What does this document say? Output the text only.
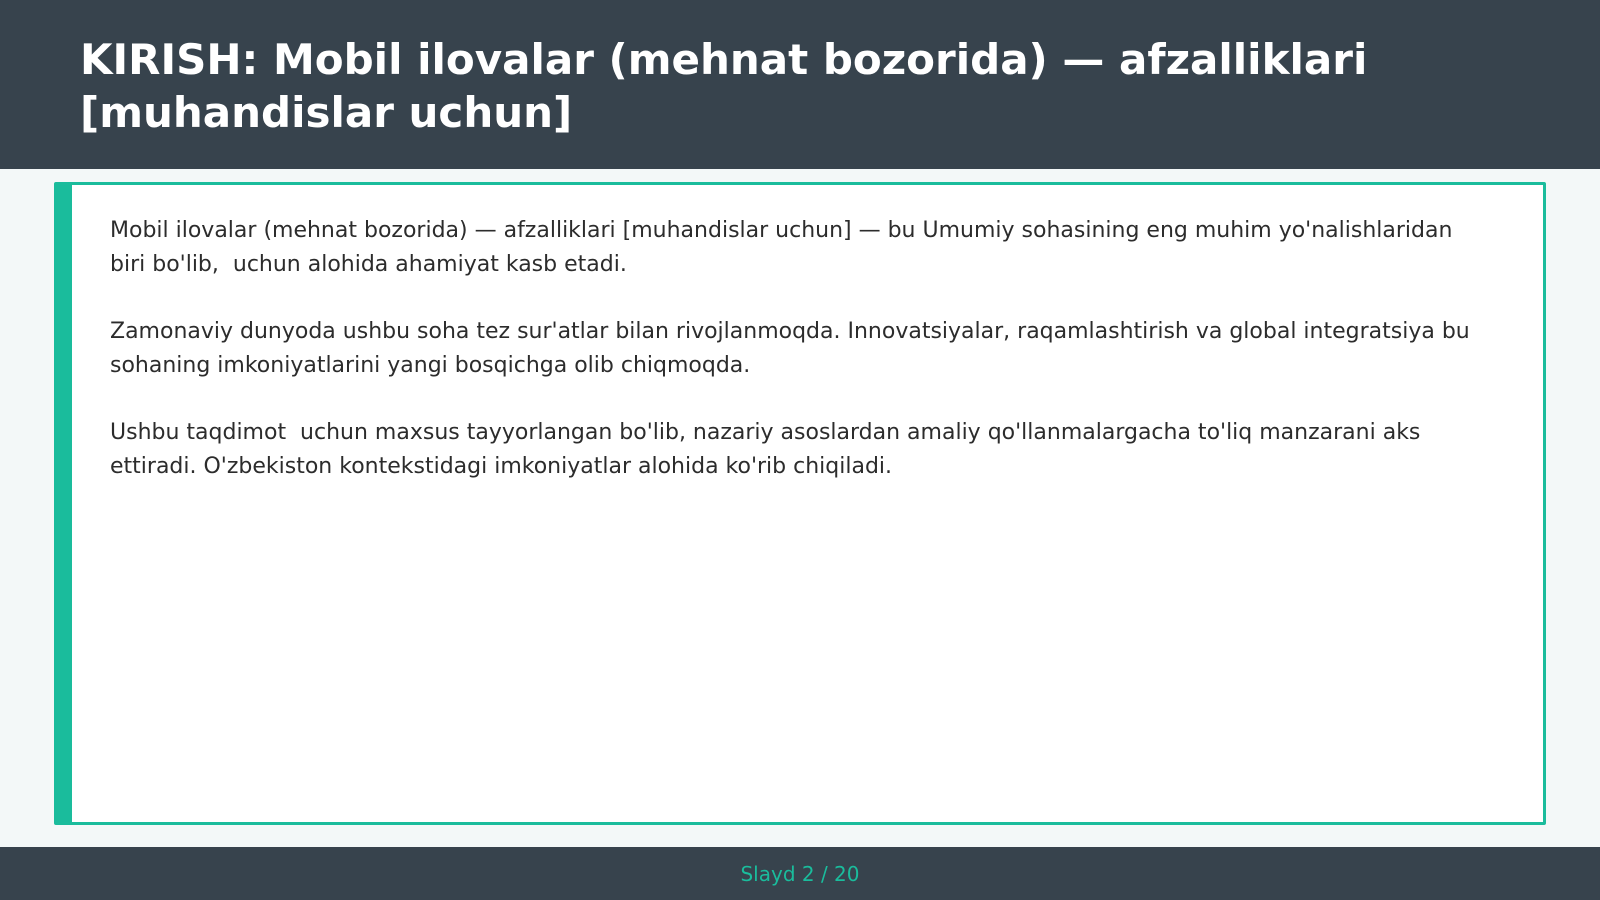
KIRISH: Mobil ilovalar (mehnat bozorida) — afzalliklari [muhandislar uchun]

Mobil ilovalar (mehnat bozorida) — afzalliklari [muhandislar uchun] — bu Umumiy sohasining eng muhim yo'nalishlaridan biri bo'lib,  uchun alohida ahamiyat kasb etadi.

Zamonaviy dunyoda ushbu soha tez sur'atlar bilan rivojlanmoqda. Innovatsiyalar, raqamlashtirish va global integratsiya bu sohaning imkoniyatlarini yangi bosqichga olib chiqmoqda.

Ushbu taqdimot  uchun maxsus tayyorlangan bo'lib, nazariy asoslardan amaliy qo'llanmalargacha to'liq manzarani aks ettiradi. O'zbekiston kontekstidagi imkoniyatlar alohida ko'rib chiqiladi.

Slayd 2 / 20
